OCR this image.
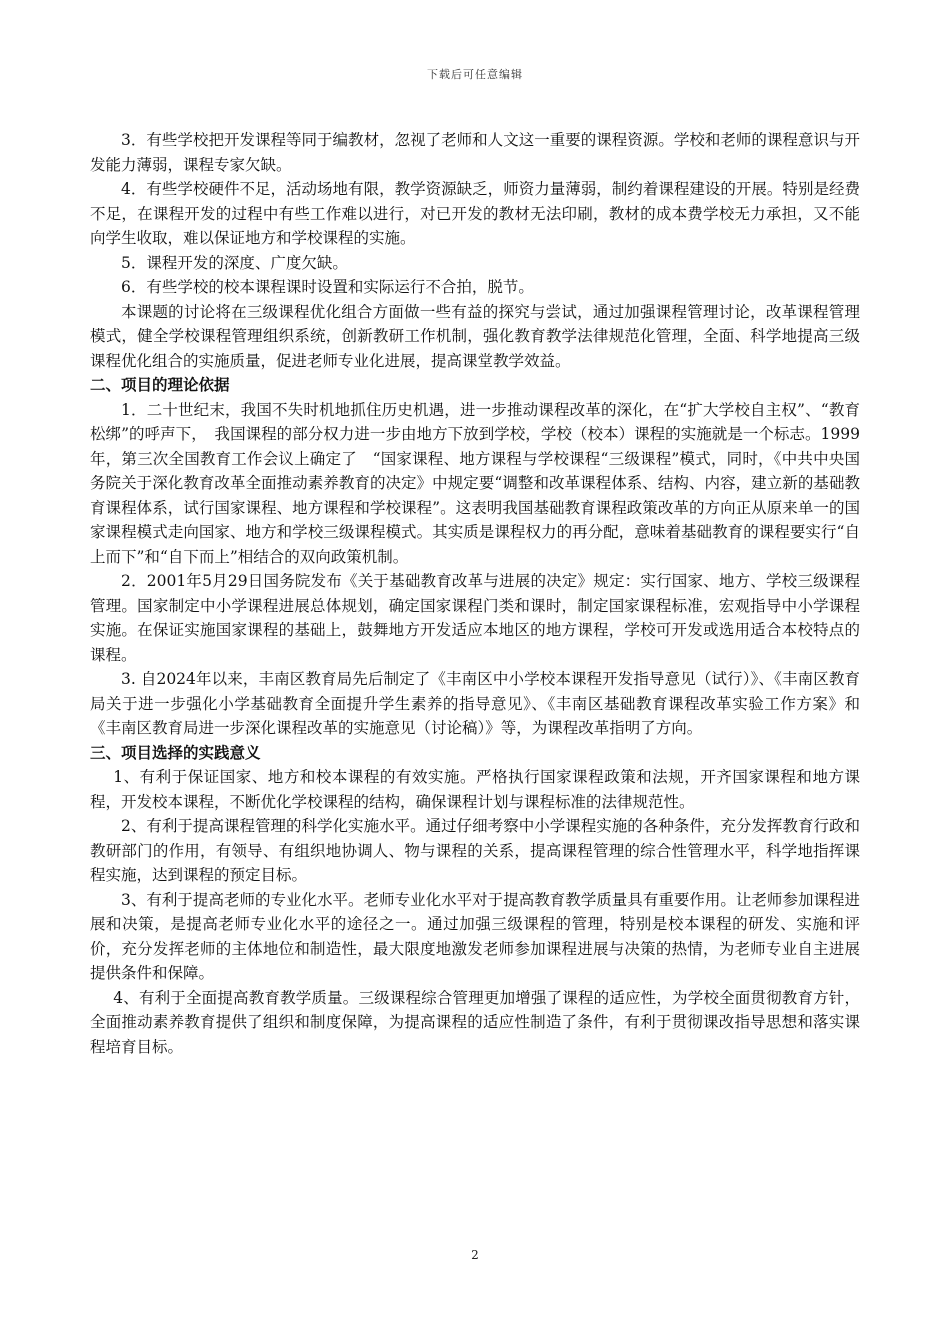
下载后可任意编辑

3．有些学校把开发课程等同于编教材，忽视了老师和人文这一重要的课程资源。学校和老师的课程意识与开发能力薄弱，课程专家欠缺。

4．有些学校硬件不足，活动场地有限，教学资源缺乏，师资力量薄弱，制约着课程建设的开展。特别是经费不足，在课程开发的过程中有些工作难以进行，对已开发的教材无法印刷，教材的成本费学校无力承担，又不能向学生收取，难以保证地方和学校课程的实施。

5．课程开发的深度、广度欠缺。

6．有些学校的校本课程课时设置和实际运行不合拍，脱节。

本课题的讨论将在三级课程优化组合方面做一些有益的探究与尝试，通过加强课程管理讨论，改革课程管理模式，健全学校课程管理组织系统，创新教研工作机制，强化教育教学法律规范化管理，全面、科学地提高三级课程优化组合的实施质量，促进老师专业化进展，提高课堂教学效益。

二、项目的理论依据

1．二十世纪末，我国不失时机地抓住历史机遇，进一步推动课程改革的深化，在“扩大学校自主权”、“教育松绑”的呼声下，　我国课程的部分权力进一步由地方下放到学校，学校（校本）课程的实施就是一个标志。1999年，第三次全国教育工作会议上确定了　“国家课程、地方课程与学校课程“三级课程”模式，同时，《中共中央国务院关于深化教育改革全面推动素养教育的决定》中规定要“调整和改革课程体系、结构、内容，建立新的基础教育课程体系，试行国家课程、地方课程和学校课程”。这表明我国基础教育课程政策改革的方向正从原来单一的国家课程模式走向国家、地方和学校三级课程模式。其实质是课程权力的再分配，意味着基础教育的课程要实行“自上而下”和“自下而上”相结合的双向政策机制。

2．2001年5月29日国务院发布《关于基础教育改革与进展的决定》规定：实行国家、地方、学校三级课程管理。国家制定中小学课程进展总体规划，确定国家课程门类和课时，制定国家课程标准，宏观指导中小学课程实施。在保证实施国家课程的基础上，鼓舞地方开发适应本地区的地方课程，学校可开发或选用适合本校特点的课程。

3. 自2024年以来，丰南区教育局先后制定了《丰南区中小学校本课程开发指导意见（试行）》、《丰南区教育局关于进一步强化小学基础教育全面提升学生素养的指导意见》、《丰南区基础教育课程改革实验工作方案》和《丰南区教育局进一步深化课程改革的实施意见（讨论稿）》等，为课程改革指明了方向。

三、项目选择的实践意义

1、有利于保证国家、地方和校本课程的有效实施。严格执行国家课程政策和法规，开齐国家课程和地方课程，开发校本课程，不断优化学校课程的结构，确保课程计划与课程标准的法律规范性。

2、有利于提高课程管理的科学化实施水平。通过仔细考察中小学课程实施的各种条件，充分发挥教育行政和教研部门的作用，有领导、有组织地协调人、物与课程的关系，提高课程管理的综合性管理水平，科学地指挥课程实施，达到课程的预定目标。

3、有利于提高老师的专业化水平。老师专业化水平对于提高教育教学质量具有重要作用。让老师参加课程进展和决策，是提高老师专业化水平的途径之一。通过加强三级课程的管理，特别是校本课程的研发、实施和评价，充分发挥老师的主体地位和制造性，最大限度地激发老师参加课程进展与决策的热情，为老师专业自主进展提供条件和保障。

4、有利于全面提高教育教学质量。三级课程综合管理更加增强了课程的适应性，为学校全面贯彻教育方针，全面推动素养教育提供了组织和制度保障，为提高课程的适应性制造了条件，有利于贯彻课改指导思想和落实课程培育目标。

2
